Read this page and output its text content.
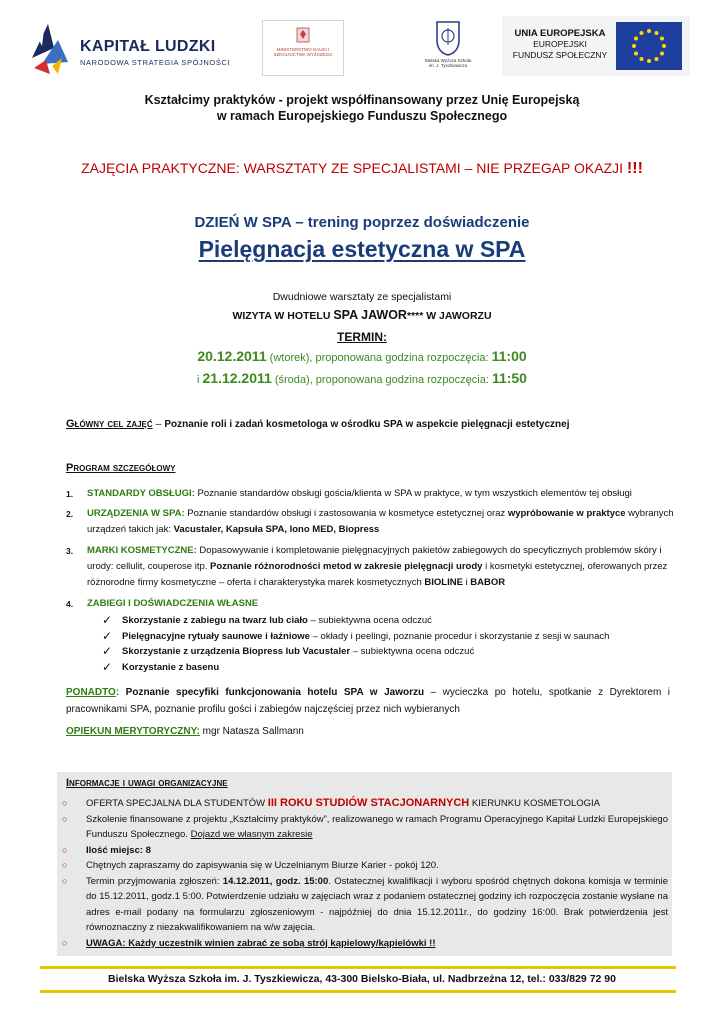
KAPITAŁ LUDZKI
NARODOWA STRATEGIA SPÓJNOŚCI
MINISTERSTWO NAUKI I SZKOLNICTWA WYŻSZEGO
Bielska Wyższa Szkoła im. J. Tyszkiewicza
UNIA EUROPEJSKA
EUROPEJSKI
FUNDUSZ SPOŁECZNY
Kształcimy praktyków - projekt współfinansowany przez Unię Europejską
w ramach Europejskiego Funduszu Społecznego
ZAJĘCIA PRAKTYCZNE: WARSZTATY ZE SPECJALISTAMI – NIE PRZEGAP OKAZJI !!!
DZIEŃ W SPA – trening poprzez doświadczenie
Pielęgnacja estetyczna w SPA
Dwudniowe warsztaty ze specjalistami
WIZYTA W HOTELU SPA JAWOR**** W JAWORZU
TERMIN:
20.12.2011 (wtorek), proponowana godzina rozpoczęcia: 11:00
i 21.12.2011 (środa), proponowana godzina rozpoczęcia: 11:50
Główny cel zajęć – Poznanie roli i zadań kosmetologa w ośrodku SPA w aspekcie pielęgnacji estetycznej
Program szczegółowy
1. STANDARDY OBSŁUGI: Poznanie standardów obsługi gościa/klienta w SPA w praktyce, w tym wszystkich elementów tej obsługi
2. URZĄDZENIA W SPA: Poznanie standardów obsługi i zastosowania w kosmetyce estetycznej oraz wypróbowanie w praktyce wybranych urządzeń takich jak: Vacustaler, Kapsuła SPA, lono MED, Biopress
3. MARKI KOSMETYCZNE: Dopasowywanie i kompletowanie pielęgnacyjnych pakietów zabiegowych do specyficznych problemów skóry i urody: cellulit, couperose itp. Poznanie różnorodności metod w zakresie pielęgnacji urody i kosmetyki estetycznej, oferowanych przez różnorodne firmy kosmetyczne – oferta i charakterystyka marek kosmetycznych BIOLINE i BABOR
4. ZABIEGI I DOŚWIADCZENIA WŁASNE
✓ Skorzystanie z zabiegu na twarz lub ciało – subiektywna ocena odczuć
✓ Pielęgnacyjne rytuały saunowe i łaźniowe – okłady i peelingi, poznanie procedur i skorzystanie z sesji w saunach
✓ Skorzystanie z urządzenia Biopress lub Vacustaler – subiektywna ocena odczuć
✓ Korzystanie z basenu
PONADTO: Poznanie specyfiki funkcjonowania hotelu SPA w Jaworzu – wycieczka po hotelu, spotkanie z Dyrektorem i pracownikami SPA, poznanie profilu gości i zabiegów najczęściej przez nich wybieranych
OPIEKUN MERYTORYCZNY: mgr Natasza Sallmann
Informacje i uwagi organizacyjne
○ OFERTA SPECJALNA DLA STUDENTÓW III ROKU STUDIÓW STACJONARNYCH KIERUNKU KOSMETOLOGIA
○ Szkolenie finansowane z projektu „Kształcimy praktyków”, realizowanego w ramach Programu Operacyjnego Kapitał Ludzki Europejskiego Funduszu Społecznego. Dojazd we własnym zakresie
○ Ilość miejsc: 8
○ Chętnych zapraszamy do zapisywania się w Uczelnianym Biurze Karier - pokój 120.
○ Termin przyjmowania zgłoszeń: 14.12.2011, godz. 15:00. Ostatecznej kwalifikacji i wyboru spośród chętnych dokona komisja w terminie do 15.12.2011, godz.1 5:00. Potwierdzenie udziału w zajęciach wraz z podaniem ostatecznej godziny ich rozpoczęcia zostanie wysłane na adres e-mail podany na formularzu zgłoszeniowym - najpóźniej do dnia 15.12.2011r., do godziny 16:00. Brak potwierdzenia jest równoznaczny z niezakwalifikowaniem na w/w zajęcia.
○ UWAGA: Każdy uczestnik winien zabrać ze sobą strój kąpielowy/kąpielówki !!
Bielska Wyższa Szkoła im. J. Tyszkiewicza, 43-300 Bielsko-Biała, ul. Nadbrzeżna 12, tel.: 033/829 72 90
